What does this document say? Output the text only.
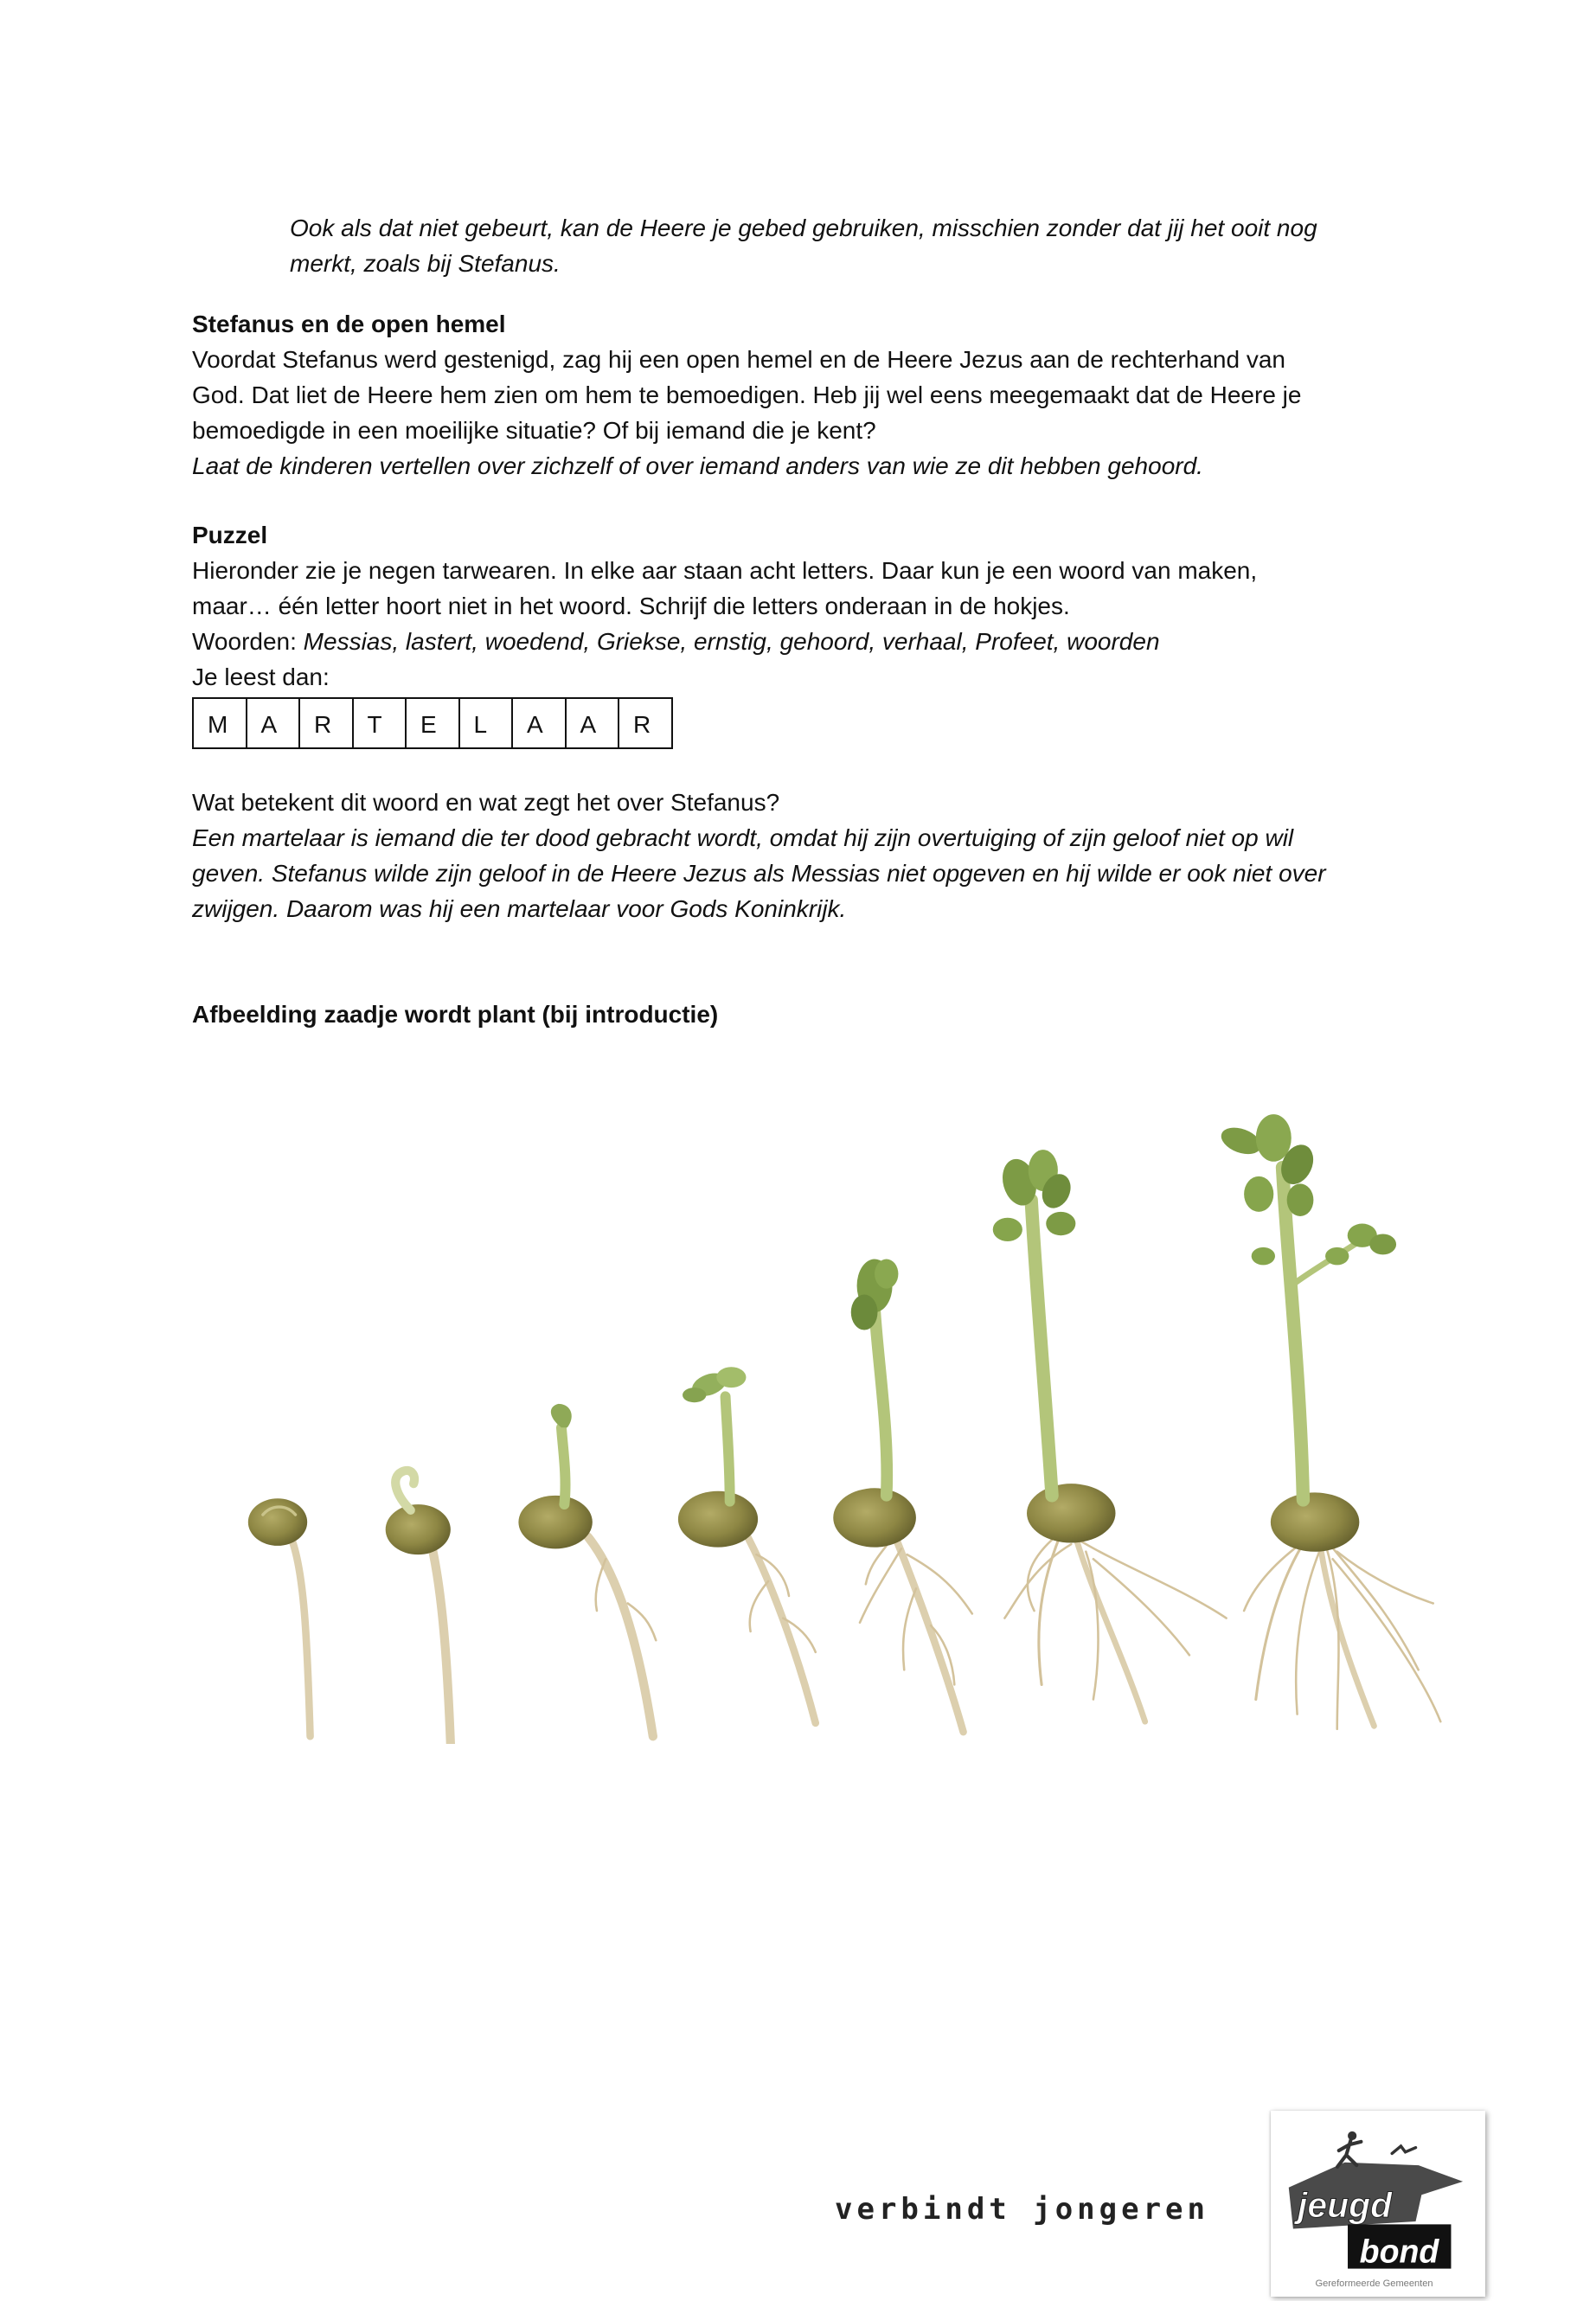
Ook als dat niet gebeurt, kan de Heere je gebed gebruiken, misschien zonder dat jij het ooit nog
merkt, zoals bij Stefanus.
Stefanus en de open hemel
Voordat Stefanus werd gestenigd, zag hij een open hemel en de Heere Jezus aan de rechterhand van
God. Dat liet de Heere hem zien om hem te bemoedigen. Heb jij wel eens meegemaakt dat de Heere je
bemoedigde in een moeilijke situatie? Of bij iemand die je kent?
Laat de kinderen vertellen over zichzelf of over iemand anders van wie ze dit hebben gehoord.
Puzzel
Hieronder zie je negen tarwearen. In elke aar staan acht letters. Daar kun je een woord van maken,
maar… één letter hoort niet in het woord. Schrijf die letters onderaan in de hokjes.
Woorden: Messias, lastert, woedend, Griekse, ernstig, gehoord, verhaal, Profeet, woorden
Je leest dan:
M	A	R	T	E	L	A	A	R
Wat betekent dit woord en wat zegt het over Stefanus?
Een martelaar is iemand die ter dood gebracht wordt, omdat hij zijn overtuiging of zijn geloof niet op wil
geven. Stefanus wilde zijn geloof in de Heere Jezus als Messias niet opgeven en hij wilde er ook niet over
zwijgen. Daarom was hij een martelaar voor Gods Koninkrijk.
Afbeelding zaadje wordt plant (bij introductie)
verbindt jongeren	jeugd
bond
Gereformeerde Gemeenten
